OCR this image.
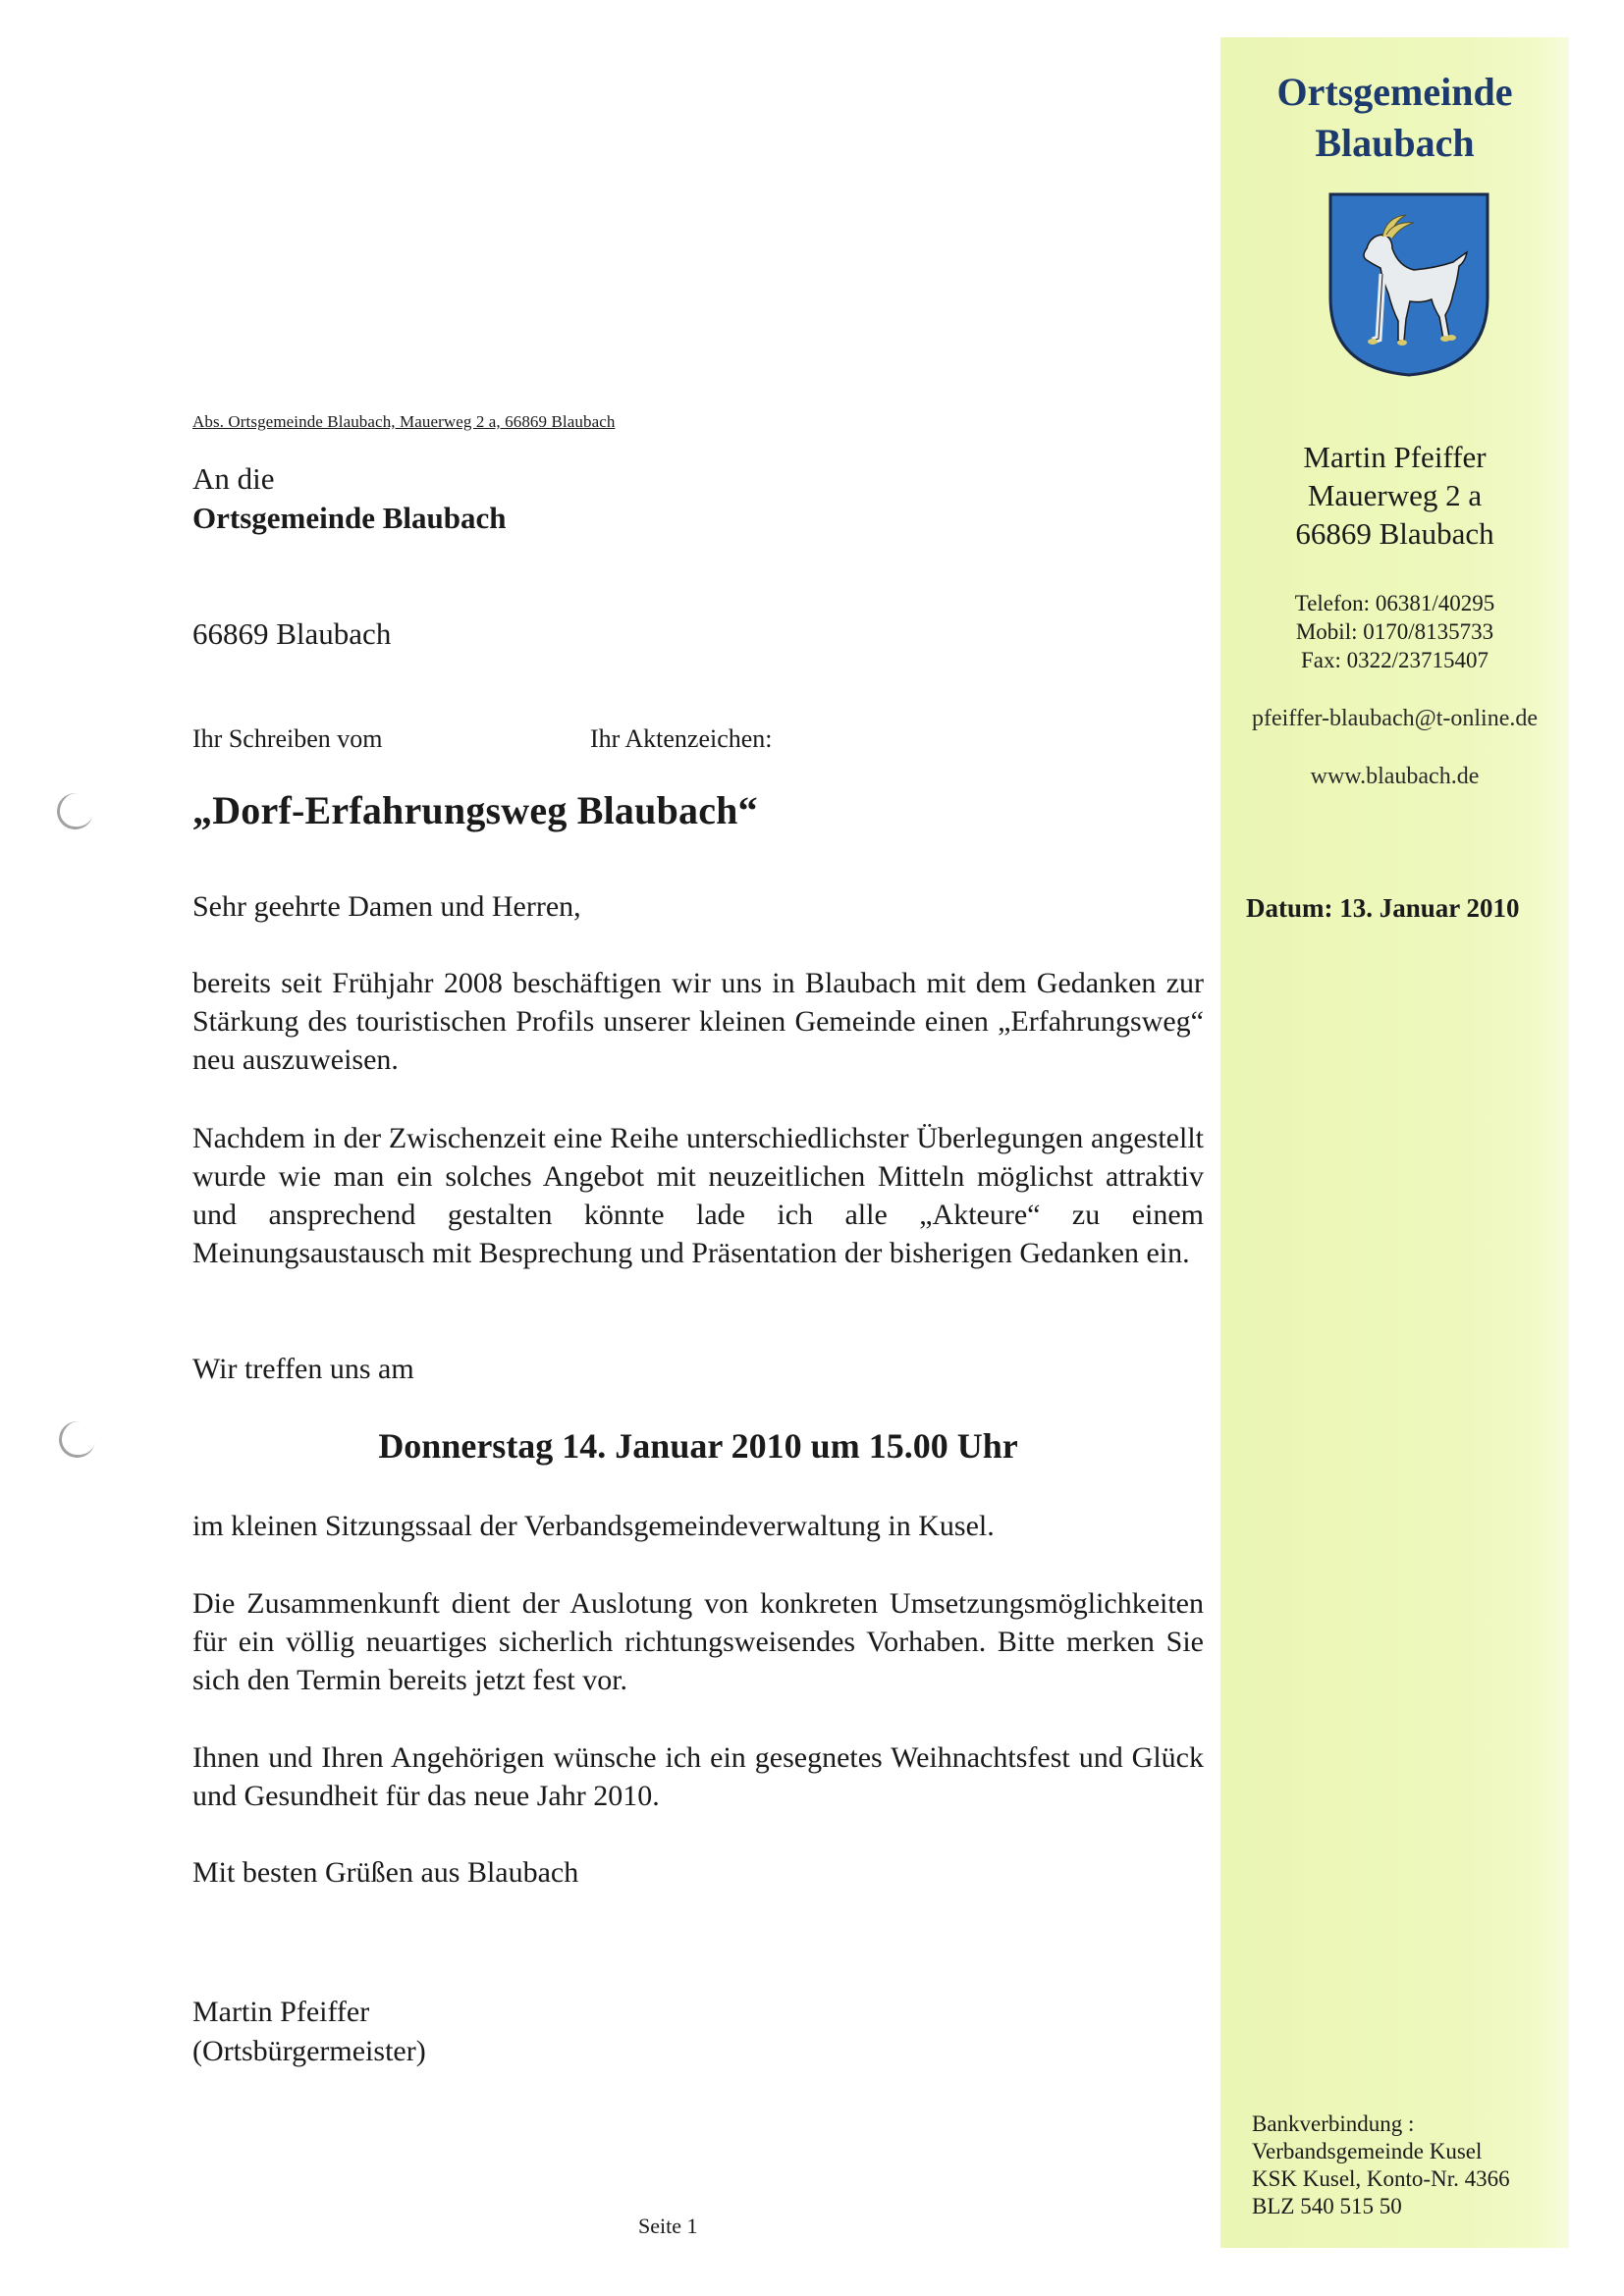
Abs. Ortsgemeinde Blaubach, Mauerweg 2 a, 66869 Blaubach
An die
Ortsgemeinde Blaubach
66869 Blaubach
Ihr Schreiben vom	Ihr Aktenzeichen:
„Dorf-Erfahrungsweg Blaubach“

Sehr geehrte Damen und Herren,

bereits seit Frühjahr 2008 beschäftigen wir uns in Blaubach mit dem Gedanken zur Stärkung des touristischen Profils unserer kleinen Gemeinde einen „Erfahrungsweg“ neu auszuweisen.

Nachdem in der Zwischenzeit eine Reihe unterschiedlichster Überlegungen angestellt wurde wie man ein solches Angebot mit neuzeitlichen Mitteln möglichst attraktiv und ansprechend gestalten könnte lade ich alle „Akteure“ zu einem Meinungsaustausch mit Besprechung und Präsentation der bisherigen Gedanken ein.

Wir treffen uns am

Donnerstag 14. Januar 2010 um 15.00 Uhr

im kleinen Sitzungssaal der Verbandsgemeindeverwaltung in Kusel.

Die Zusammenkunft dient der Auslotung von konkreten Umsetzungsmöglichkeiten für ein völlig neuartiges sicherlich richtungsweisendes Vorhaben. Bitte merken Sie sich den Termin bereits jetzt fest vor.

Ihnen und Ihren Angehörigen wünsche ich ein gesegnetes Weihnachtsfest und Glück und Gesundheit für das neue Jahr 2010.

Mit besten Grüßen aus Blaubach

Martin Pfeiffer
(Ortsbürgermeister)
Seite 1
Ortsgemeinde
Blaubach
Martin Pfeiffer
Mauerweg 2 a
66869 Blaubach
Telefon: 06381/40295
Mobil: 0170/8135733
Fax: 0322/23715407
pfeiffer-blaubach@t-online.de
www.blaubach.de
Datum: 13. Januar 2010
Bankverbindung :
Verbandsgemeinde Kusel
KSK Kusel, Konto-Nr. 4366
BLZ 540 515 50
